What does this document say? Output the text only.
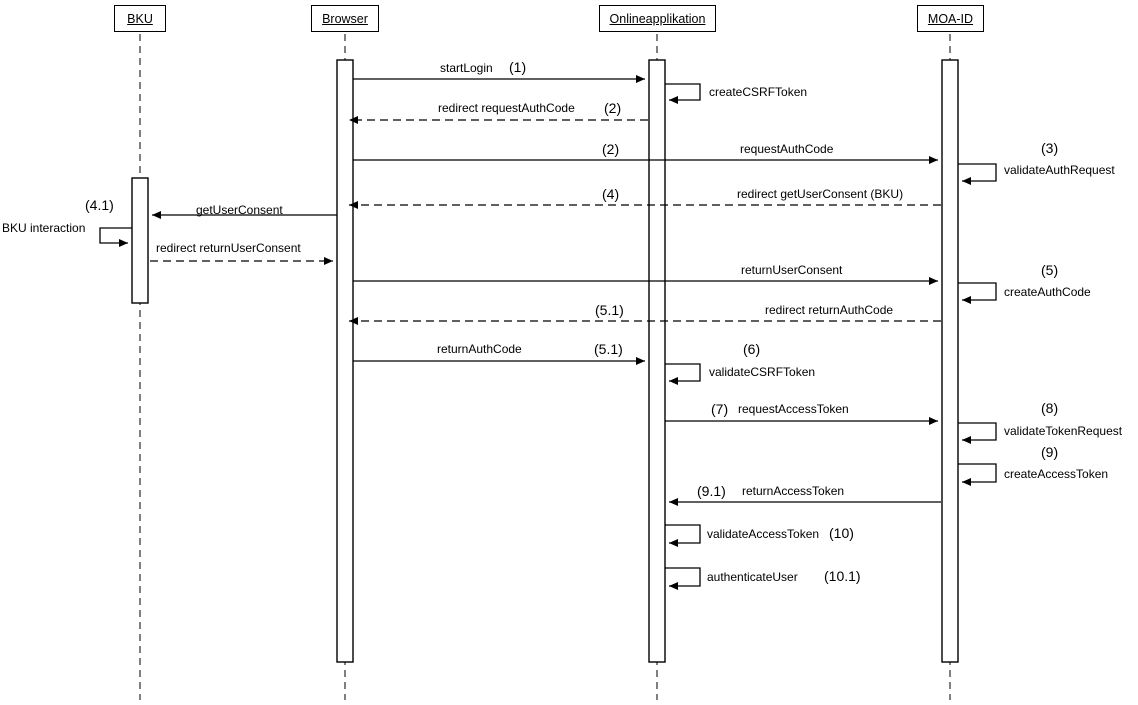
BKU	Browser	Onlineapplikation	MOA-ID
startLogin (1)
createCSRFToken
redirect requestAuthCode (2)
(2)	requestAuthCode	(3)
validateAuthRequest
(4)	redirect getUserConsent (BKU)
(4.1)	getUserConsent
BKU interaction
redirect returnUserConsent
returnUserConsent	(5)
createAuthCode
(5.1)	redirect returnAuthCode
returnAuthCode	(5.1)	(6)
validateCSRFToken
(7) requestAccessToken	(8)
validateTokenRequest
(9)
createAccessToken
(9.1) returnAccessToken
validateAccessToken (10)
authenticateUser (10.1)
